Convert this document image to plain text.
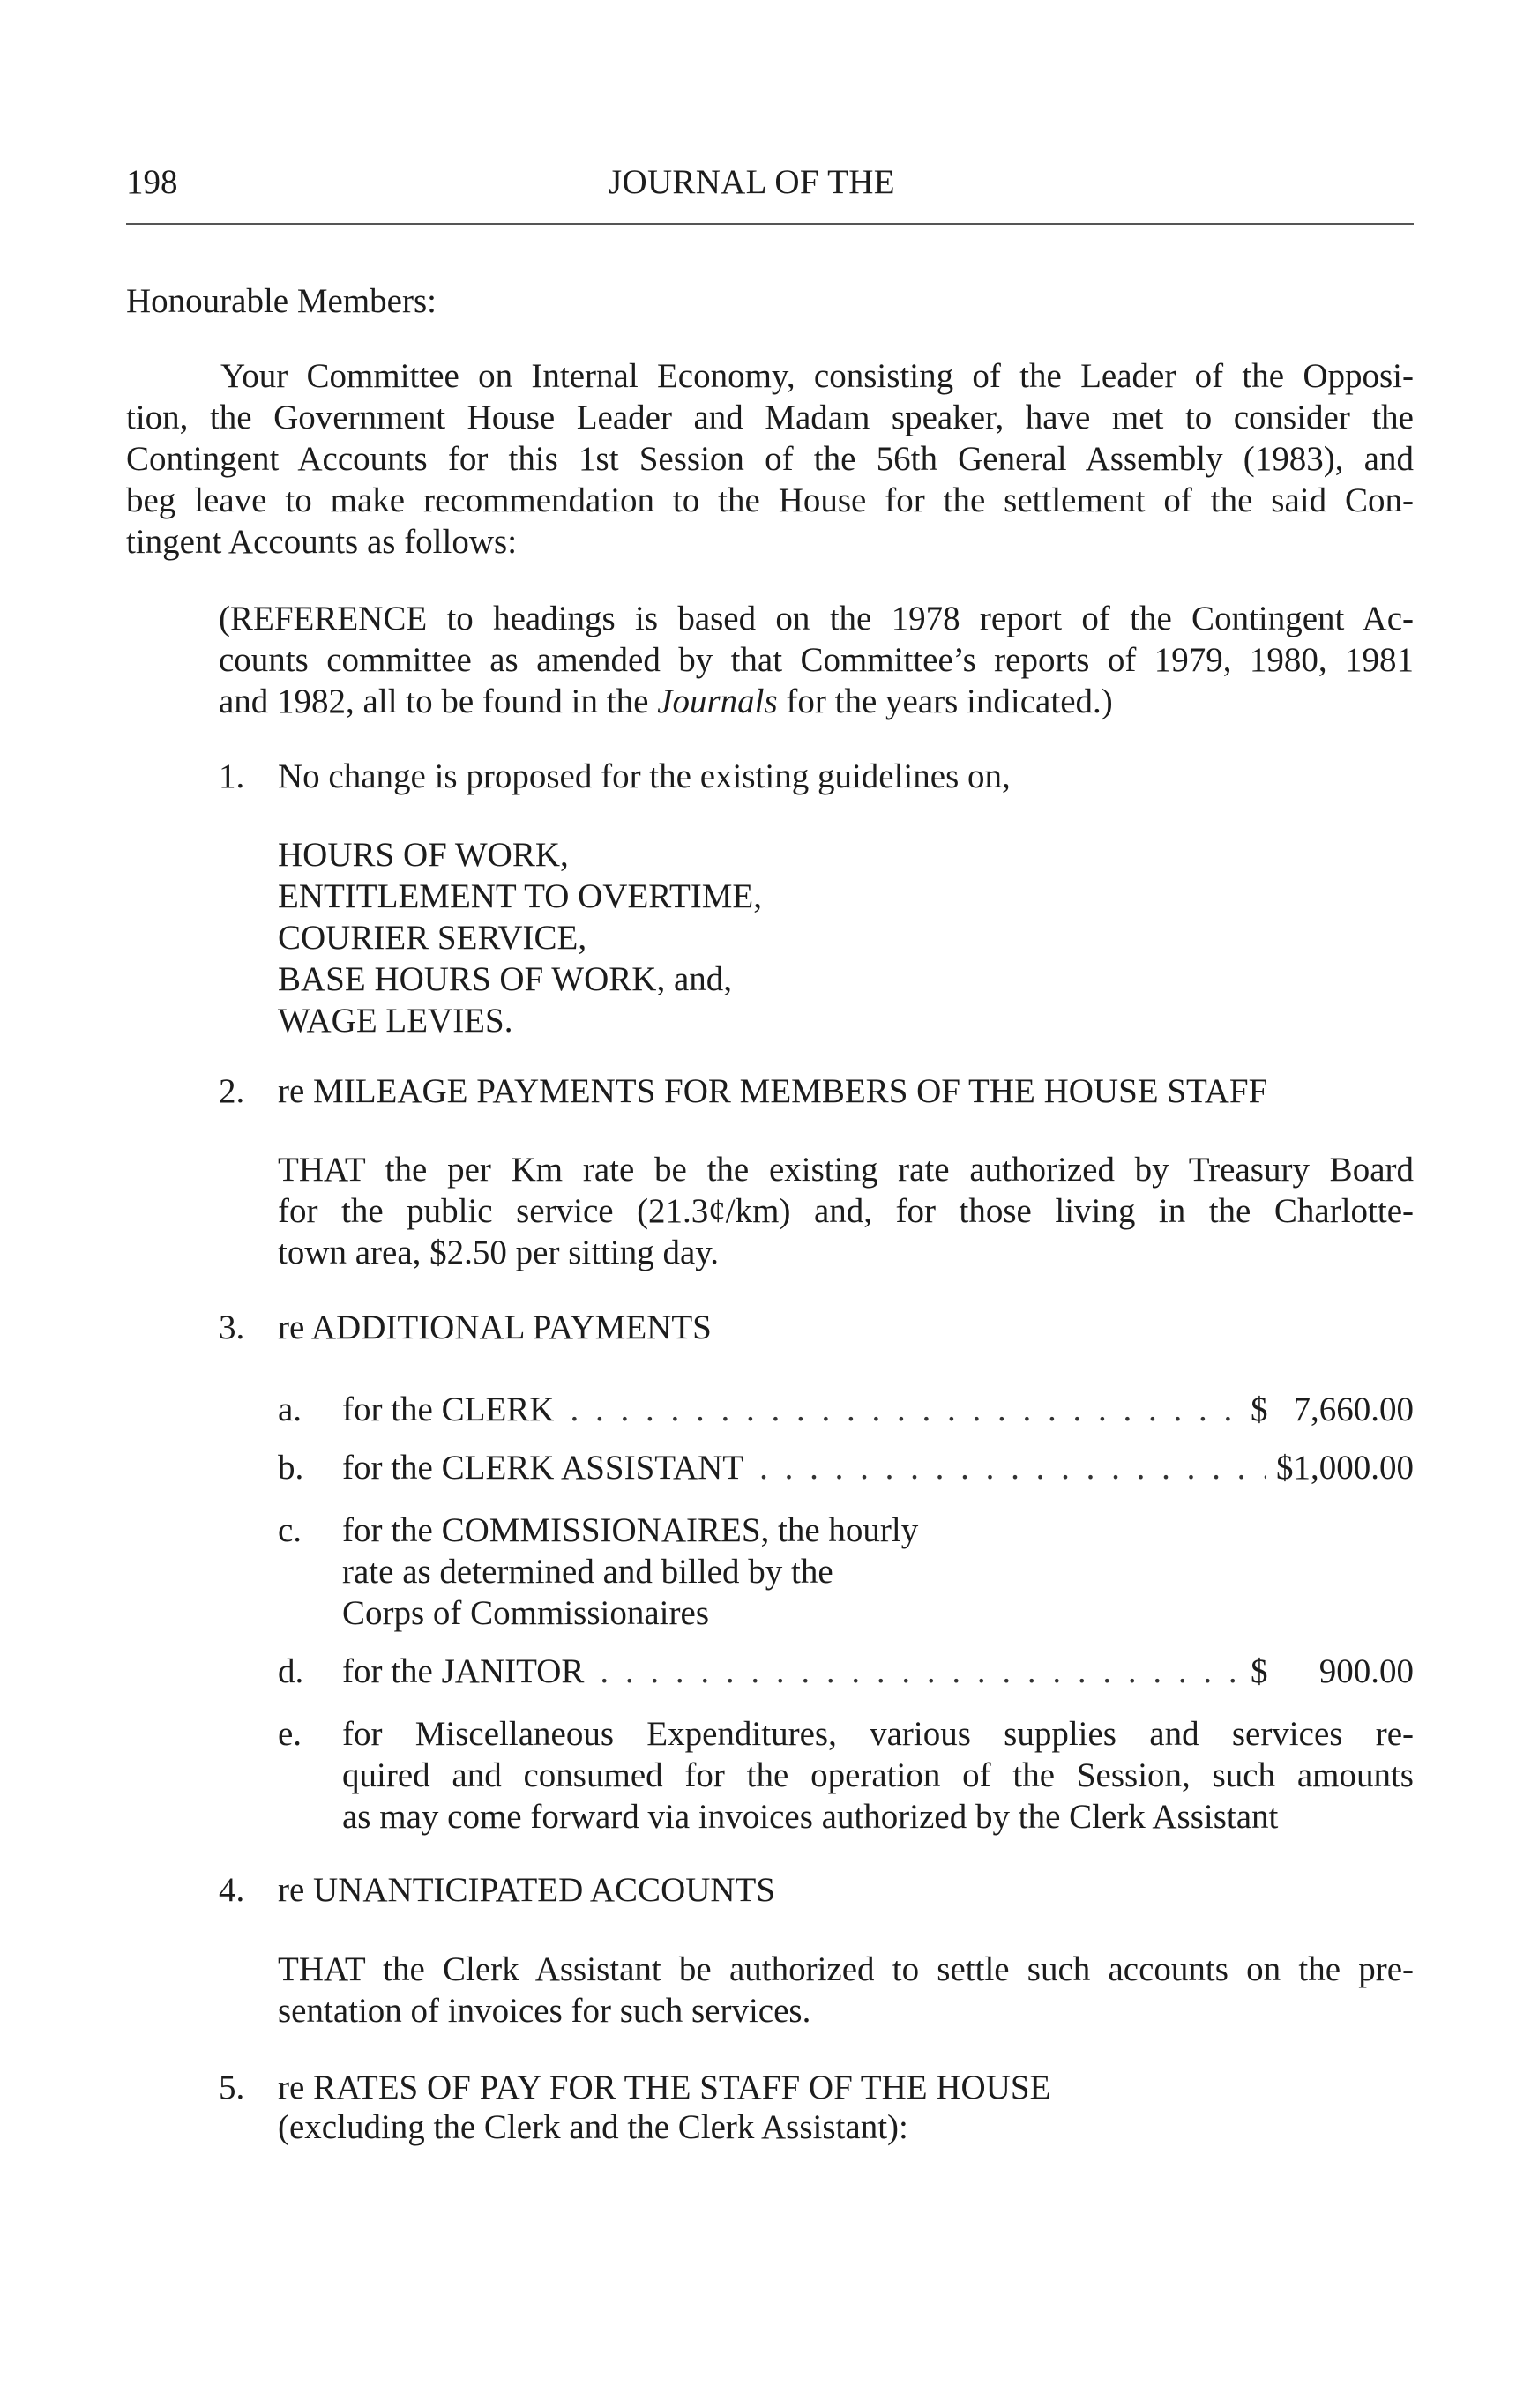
198	JOURNAL OF THE
Honourable Members:
Your Committee on Internal Economy, consisting of the Leader of the Opposi-
tion, the Government House Leader and Madam speaker, have met to consider the
Contingent Accounts for this 1st Session of the 56th General Assembly (1983), and
beg leave to make recommendation to the House for the settlement of the said Con-
tingent Accounts as follows:
(REFERENCE to headings is based on the 1978 report of the Contingent Ac-
counts committee as amended by that Committee’s reports of 1979, 1980, 1981
and 1982, all to be found in the Journals for the years indicated.)
1. No change is proposed for the existing guidelines on,
HOURS OF WORK,
ENTITLEMENT TO OVERTIME,
COURIER SERVICE,
BASE HOURS OF WORK, and,
WAGE LEVIES.
2. re MILEAGE PAYMENTS FOR MEMBERS OF THE HOUSE STAFF
THAT the per Km rate be the existing rate authorized by Treasury Board
for the public service (21.3¢/km) and, for those living in the Charlotte-
town area, $2.50 per sitting day.
3. re ADDITIONAL PAYMENTS
a. for the CLERK . . .	$ 7,660.00
b. for the CLERK ASSISTANT . . .	$1,000.00
c. for the COMMISSIONAIRES, the hourly
rate as determined and billed by the
Corps of Commissionaires
d. for the JANITOR . . .	$ 900.00
e. for Miscellaneous Expenditures, various supplies and services re-
quired and consumed for the operation of the Session, such amounts
as may come forward via invoices authorized by the Clerk Assistant
4. re UNANTICIPATED ACCOUNTS
THAT the Clerk Assistant be authorized to settle such accounts on the pre-
sentation of invoices for such services.
5. re RATES OF PAY FOR THE STAFF OF THE HOUSE
(excluding the Clerk and the Clerk Assistant):
